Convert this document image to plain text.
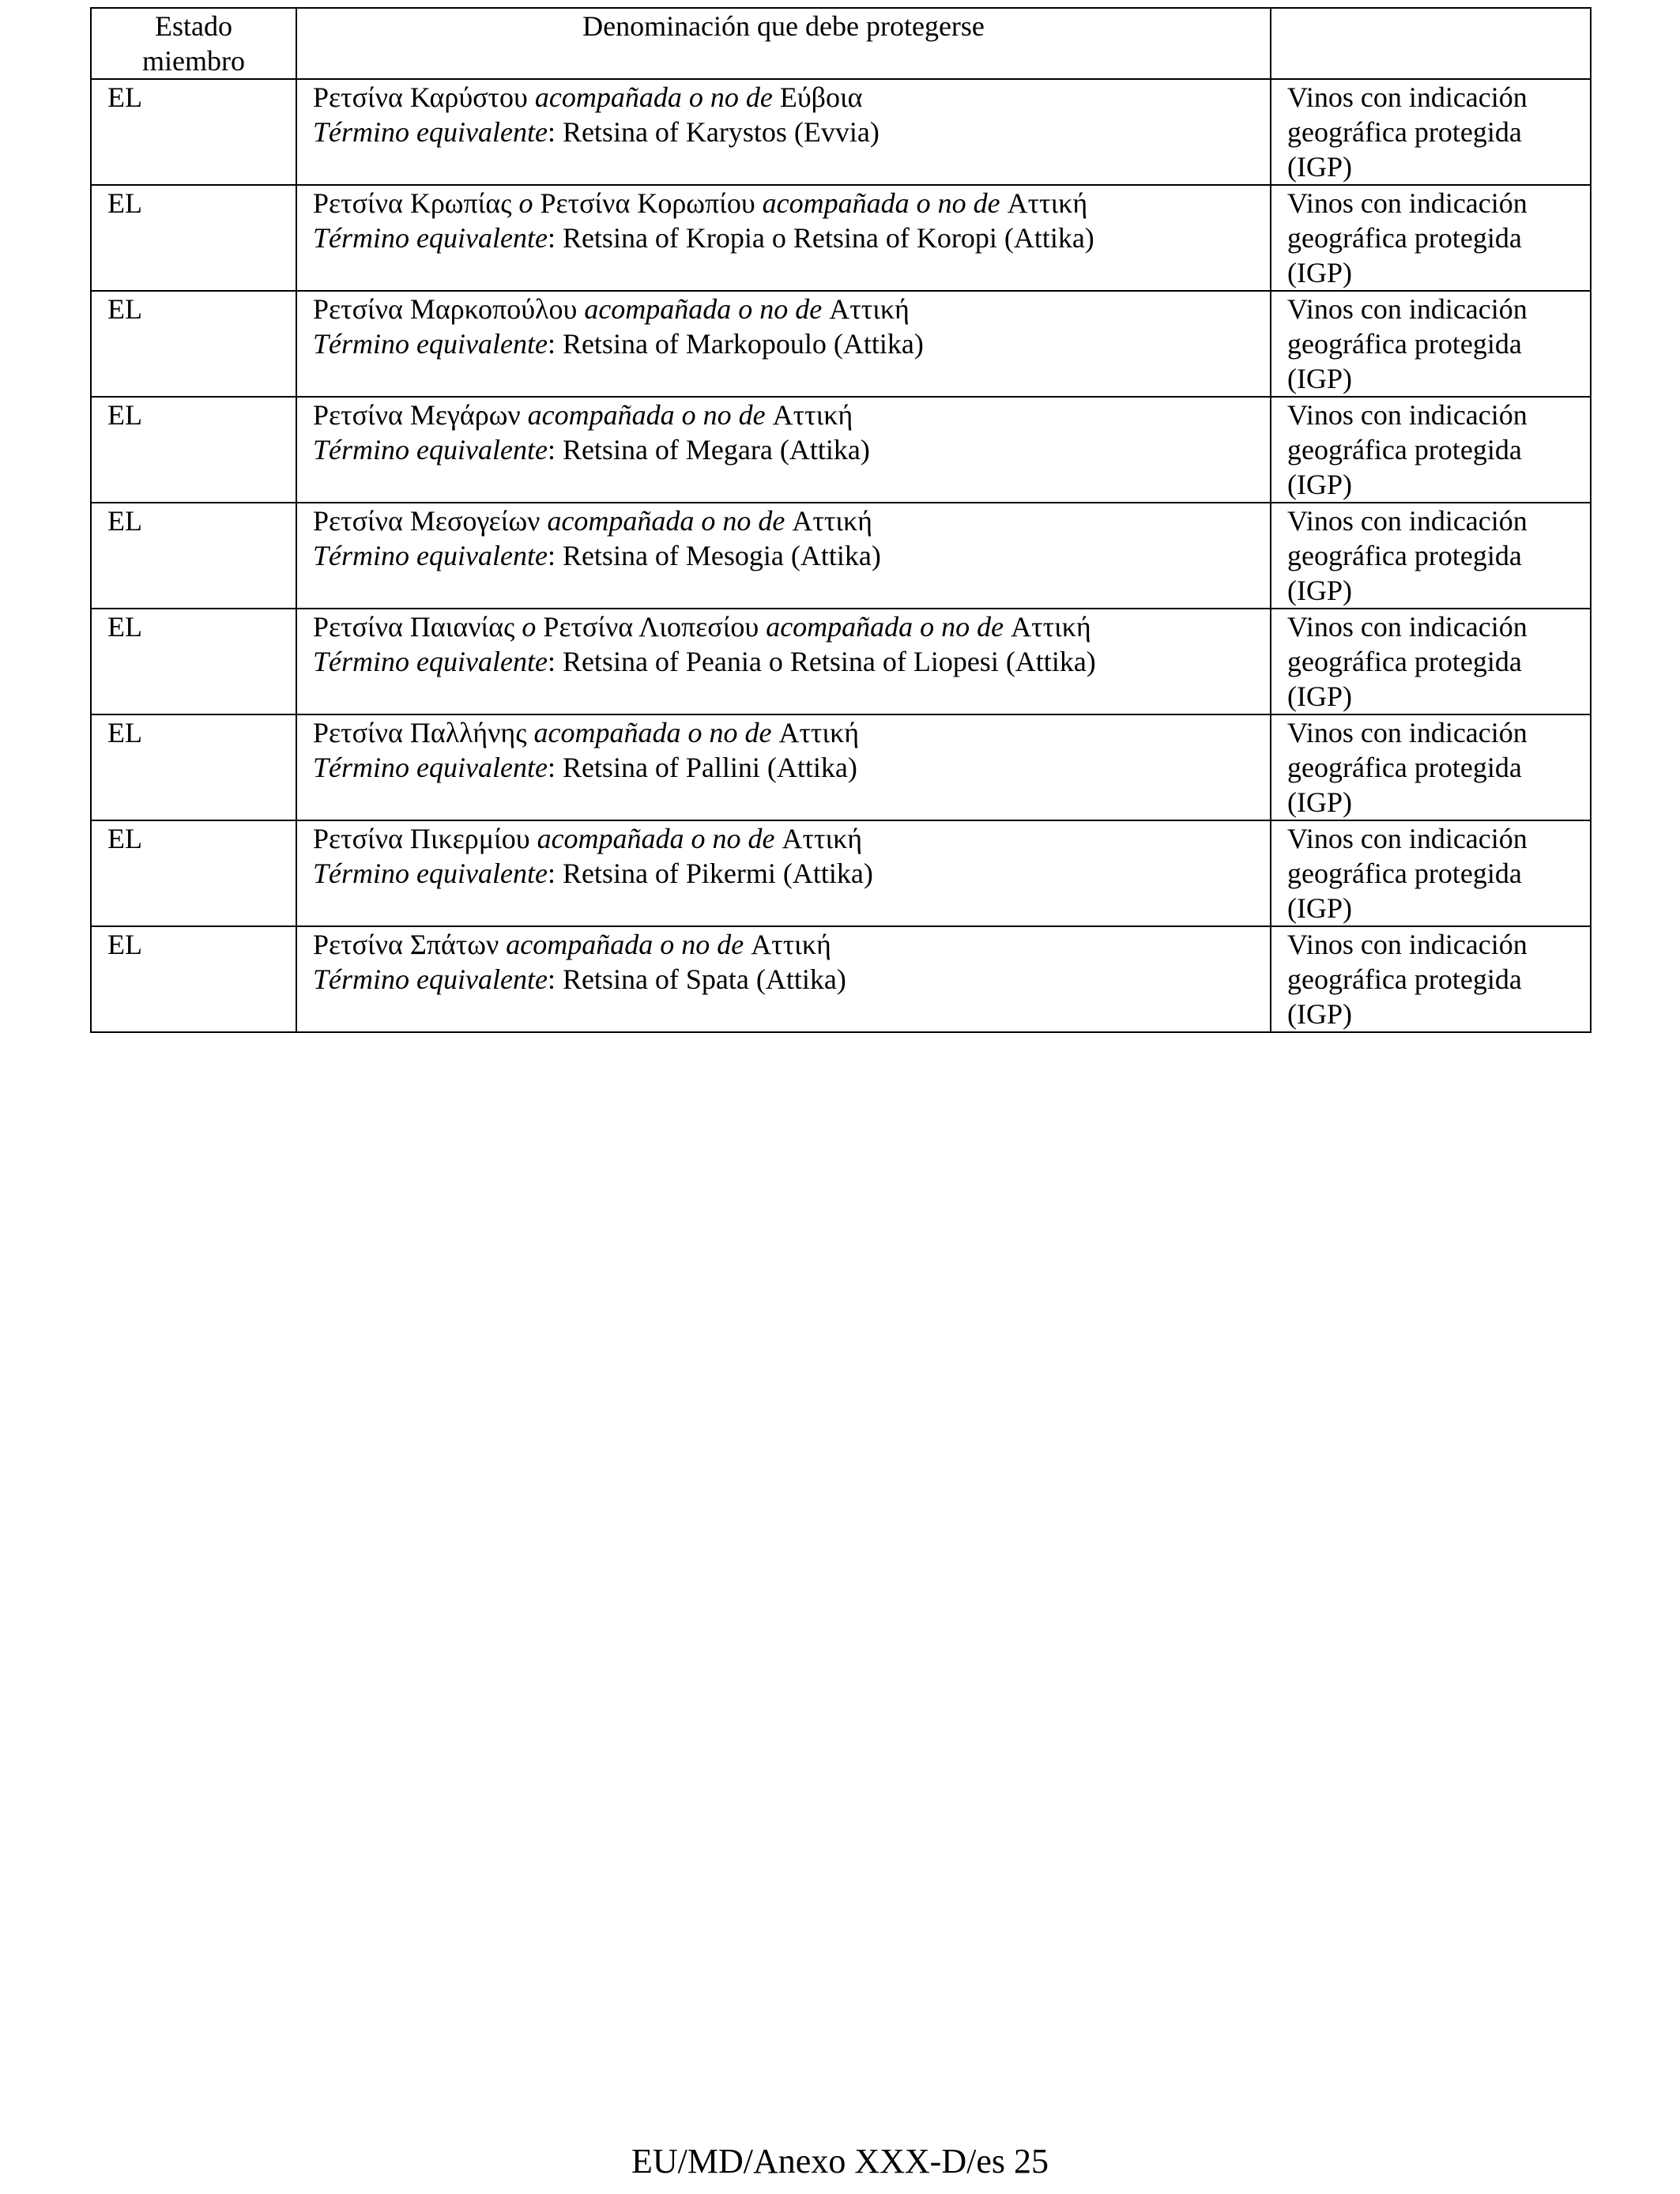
Estado
miembro	Denominación que debe protegerse	
EL	Ρετσίνα Καρύστου acompañada o no de Εύβοια
Término equivalente: Retsina of Karystos (Evvia)	Vinos con indicación
geográfica protegida
(IGP)

EL	Ρετσίνα Κρωπίας o Ρετσίνα Κορωπίου acompañada o no de Αττική
Término equivalente: Retsina of Kropia o Retsina of Koropi (Attika)	Vinos con indicación
geográfica protegida
(IGP)

EL	Ρετσίνα Μαρκοπούλου acompañada o no de Αττική
Término equivalente: Retsina of Markopoulo (Attika)	Vinos con indicación
geográfica protegida
(IGP)

EL	Ρετσίνα Μεγάρων acompañada o no de Αττική
Término equivalente: Retsina of Megara (Attika)	Vinos con indicación
geográfica protegida
(IGP)

EL	Ρετσίνα Μεσογείων acompañada o no de Αττική
Término equivalente: Retsina of Mesogia (Attika)	Vinos con indicación
geográfica protegida
(IGP)

EL	Ρετσίνα Παιανίας o Ρετσίνα Λιοπεσίου acompañada o no de Αττική
Término equivalente: Retsina of Peania o Retsina of Liopesi (Attika)	Vinos con indicación
geográfica protegida
(IGP)

EL	Ρετσίνα Παλλήνης acompañada o no de Αττική
Término equivalente: Retsina of Pallini (Attika)	Vinos con indicación
geográfica protegida
(IGP)

EL	Ρετσίνα Πικερμίου acompañada o no de Αττική
Término equivalente: Retsina of Pikermi (Attika)	Vinos con indicación
geográfica protegida
(IGP)

EL	Ρετσίνα Σπάτων acompañada o no de Αττική
Término equivalente: Retsina of Spata (Attika)	Vinos con indicación
geográfica protegida
(IGP)
EU/MD/Anexo XXX-D/es 25
